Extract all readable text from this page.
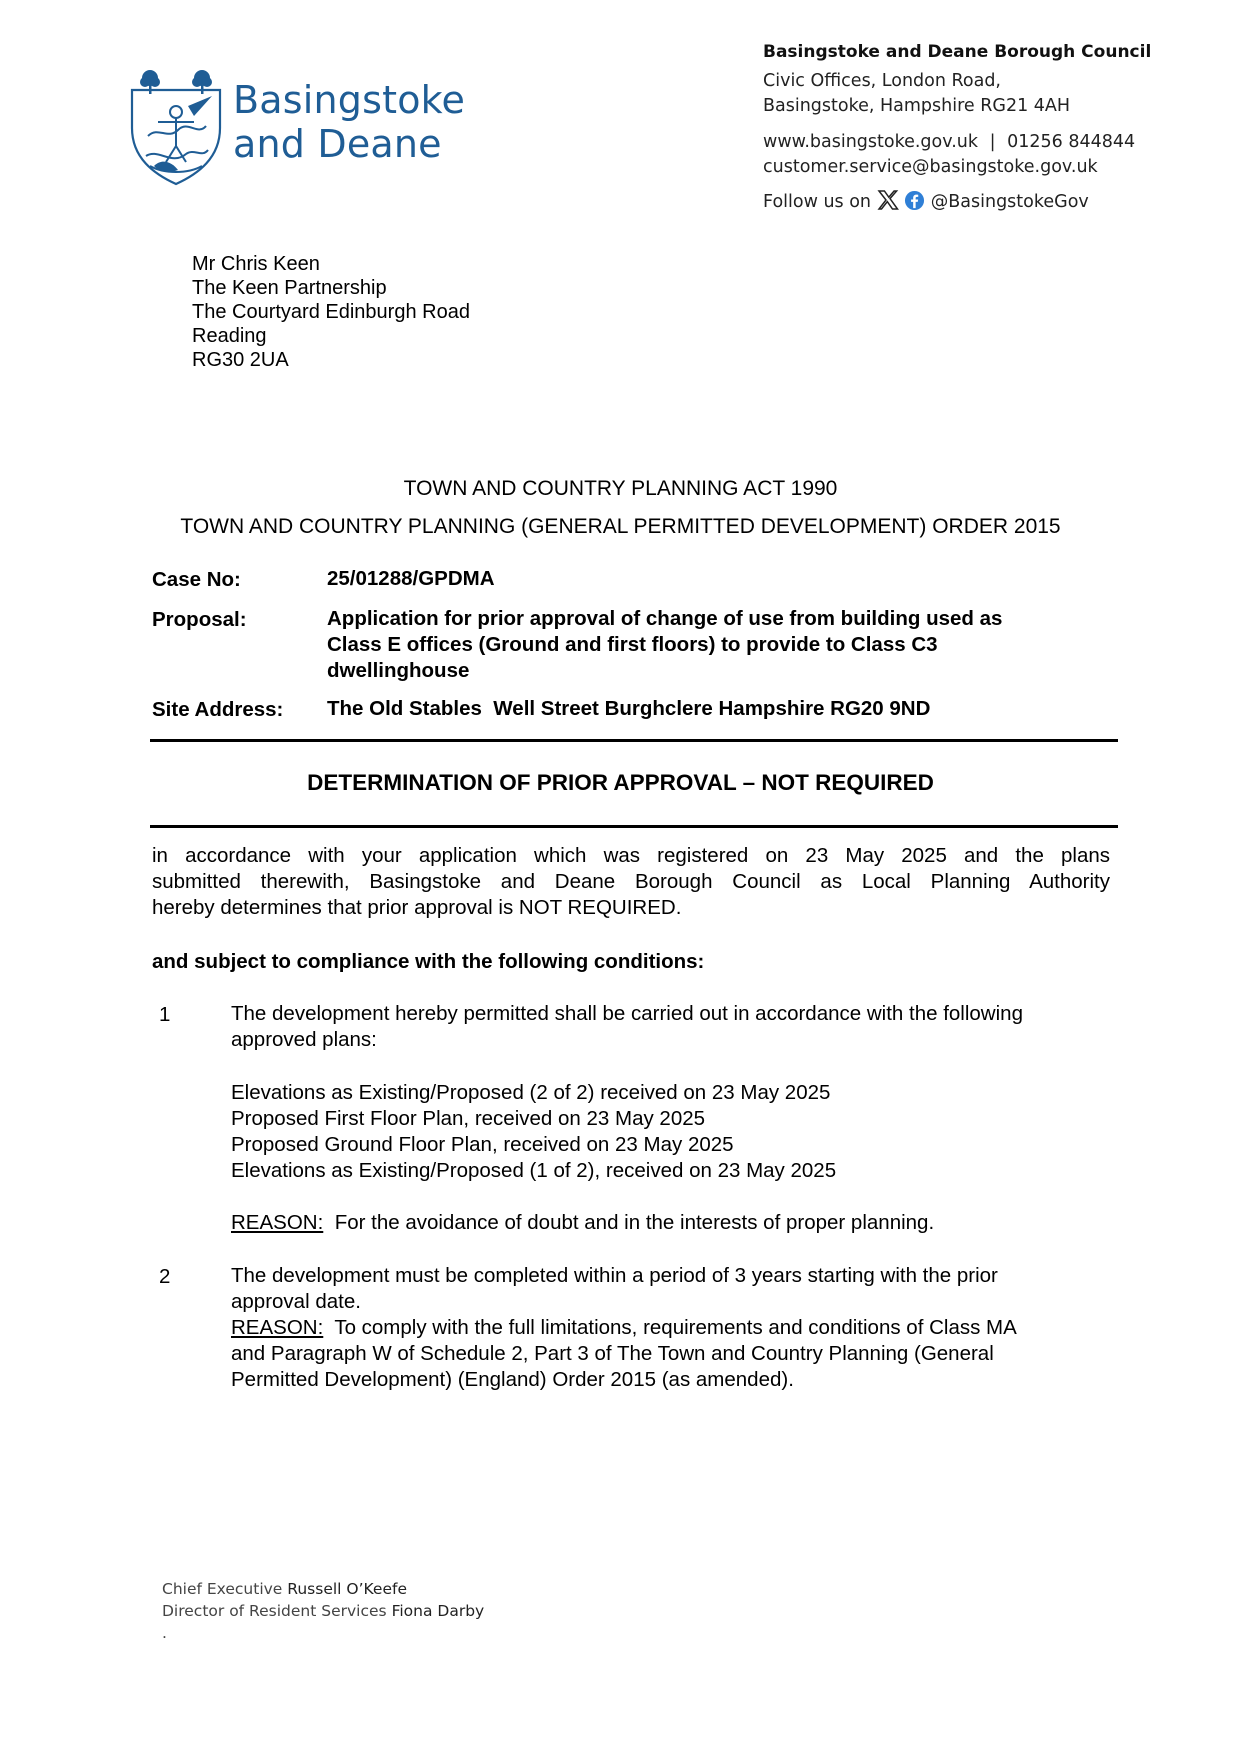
Basingstoke
and Deane
Basingstoke and Deane Borough Council
Civic Offices, London Road,
Basingstoke, Hampshire RG21 4AH
www.basingstoke.gov.uk | 01256 844844
customer.service@basingstoke.gov.uk
Follow us on	@BasingstokeGov
Mr Chris Keen
The Keen Partnership
The Courtyard Edinburgh Road
Reading
RG30 2UA
TOWN AND COUNTRY PLANNING ACT 1990
TOWN AND COUNTRY PLANNING (GENERAL PERMITTED DEVELOPMENT) ORDER 2015
Case No:	25/01288/GPDMA
Proposal:	Application for prior approval of change of use from building used as
Class E offices (Ground and first floors) to provide to Class C3
dwellinghouse
Site Address: The Old Stables  Well Street Burghclere Hampshire RG20 9ND
DETERMINATION OF PRIOR APPROVAL – NOT REQUIRED
in accordance with your application which was registered on 23 May 2025 and the plans
submitted therewith, Basingstoke and Deane Borough Council as Local Planning Authority
hereby determines that prior approval is NOT REQUIRED.
and subject to compliance with the following conditions:
1	The development hereby permitted shall be carried out in accordance with the following
approved plans:
Elevations as Existing/Proposed (2 of 2) received on 23 May 2025
Proposed First Floor Plan, received on 23 May 2025
Proposed Ground Floor Plan, received on 23 May 2025
Elevations as Existing/Proposed (1 of 2), received on 23 May 2025
REASON: For the avoidance of doubt and in the interests of proper planning.
2	The development must be completed within a period of 3 years starting with the prior
approval date.
REASON: To comply with the full limitations, requirements and conditions of Class MA
and Paragraph W of Schedule 2, Part 3 of The Town and Country Planning (General
Permitted Development) (England) Order 2015 (as amended).
Chief Executive Russell O’Keefe
Director of Resident Services Fiona Darby
.
